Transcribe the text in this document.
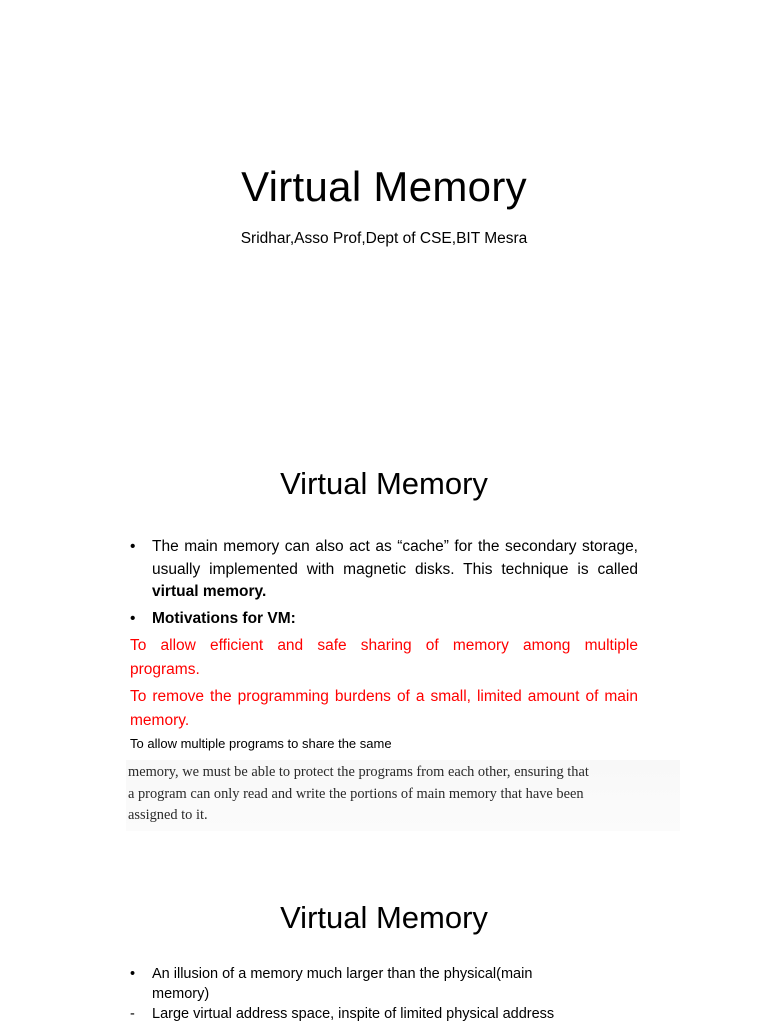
Virtual Memory
Sridhar,Asso Prof,Dept of CSE,BIT Mesra
Virtual Memory
• The main memory can also act as “cache” for the secondary storage, usually implemented with magnetic disks. This technique is called virtual memory.
• Motivations for VM:
To allow efficient and safe sharing of memory among multiple programs.
To remove the programming burdens of a small, limited amount of main memory.
To allow multiple programs to share the same
memory, we must be able to protect the programs from each other, ensuring that
a program can only read and write the portions of main memory that have been
assigned to it.
Virtual Memory
• An illusion of a memory much larger than the physical(main memory)
- Large virtual address space, inspite of limited physical address
